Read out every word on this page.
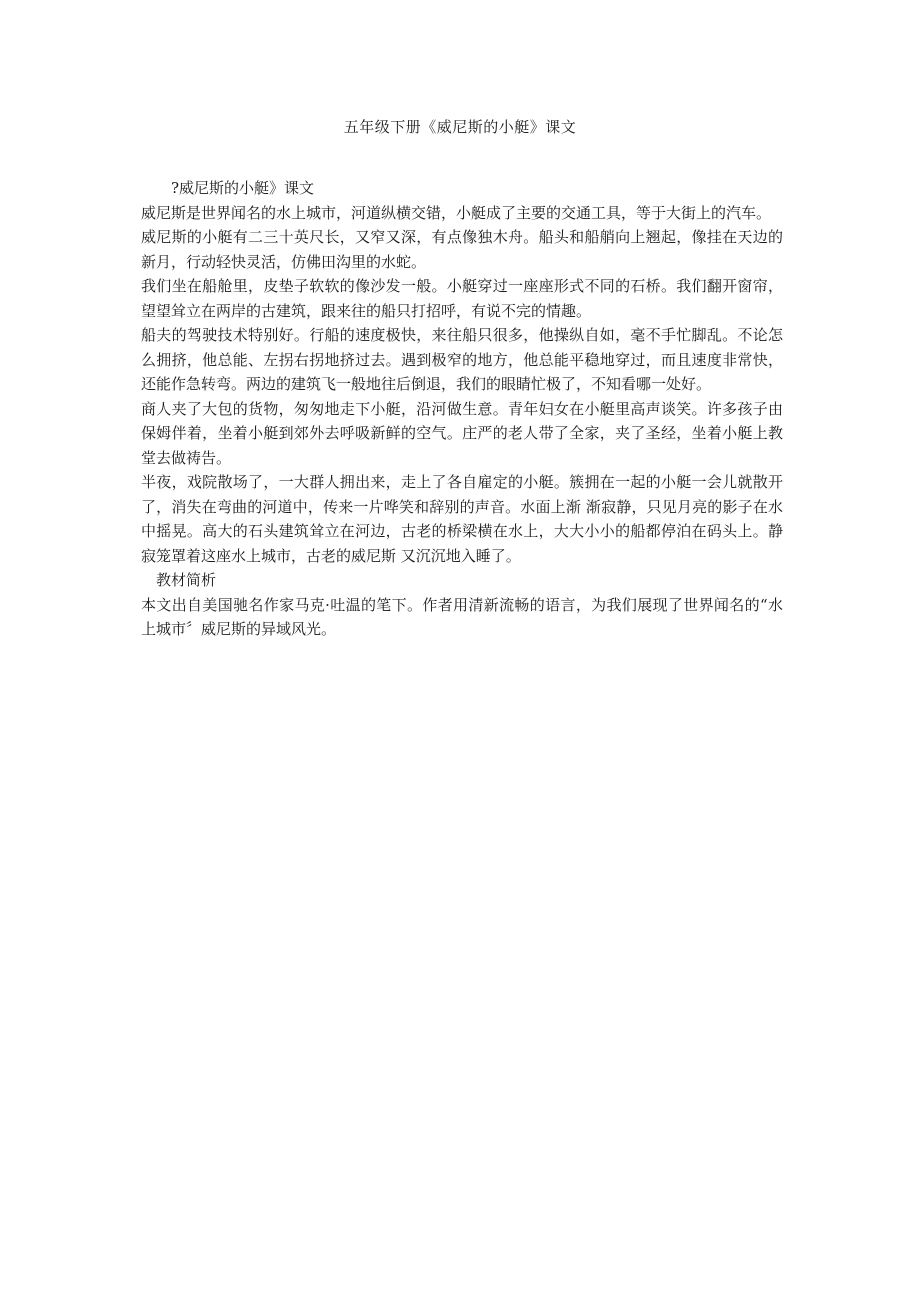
五年级下册《威尼斯的小艇》课文

?威尼斯的小艇》课文

威尼斯是世界闻名的水上城市，河道纵横交错，小艇成了主要的交通工具，等于大街上的汽车。

威尼斯的小艇有二三十英尺长，又窄又深，有点像独木舟。船头和船艄向上翘起，像挂在天边的新月，行动轻快灵活，仿佛田沟里的水蛇。

我们坐在船舱里，皮垫子软软的像沙发一般。小艇穿过一座座形式不同的石桥。我们翻开窗帘，望望耸立在两岸的古建筑，跟来往的船只打招呼，有说不完的情趣。

船夫的驾驶技术特别好。行船的速度极快，来往船只很多，他操纵自如，毫不手忙脚乱。不论怎么拥挤，他总能、左拐右拐地挤过去。遇到极窄的地方，他总能平稳地穿过，而且速度非常快，还能作急转弯。两边的建筑飞一般地往后倒退，我们的眼睛忙极了，不知看哪一处好。

商人夹了大包的货物，匆匆地走下小艇，沿河做生意。青年妇女在小艇里高声谈笑。许多孩子由保姆伴着，坐着小艇到郊外去呼吸新鲜的空气。庄严的老人带了全家，夹了圣经，坐着小艇上教堂去做祷告。

半夜，戏院散场了，一大群人拥出来，走上了各自雇定的小艇。簇拥在一起的小艇一会儿就散开了，消失在弯曲的河道中，传来一片哗笑和辞别的声音。水面上渐 渐寂静，只见月亮的影子在水中摇晃。高大的石头建筑耸立在河边，古老的桥梁横在水上，大大小小的船都停泊在码头上。静寂笼罩着这座水上城市，古老的威尼斯 又沉沉地入睡了。

教材简析

本文出自美国驰名作家马克·吐温的笔下。作者用清新流畅的语言，为我们展现了世界闻名的“水上城市〞威尼斯的异域风光。
